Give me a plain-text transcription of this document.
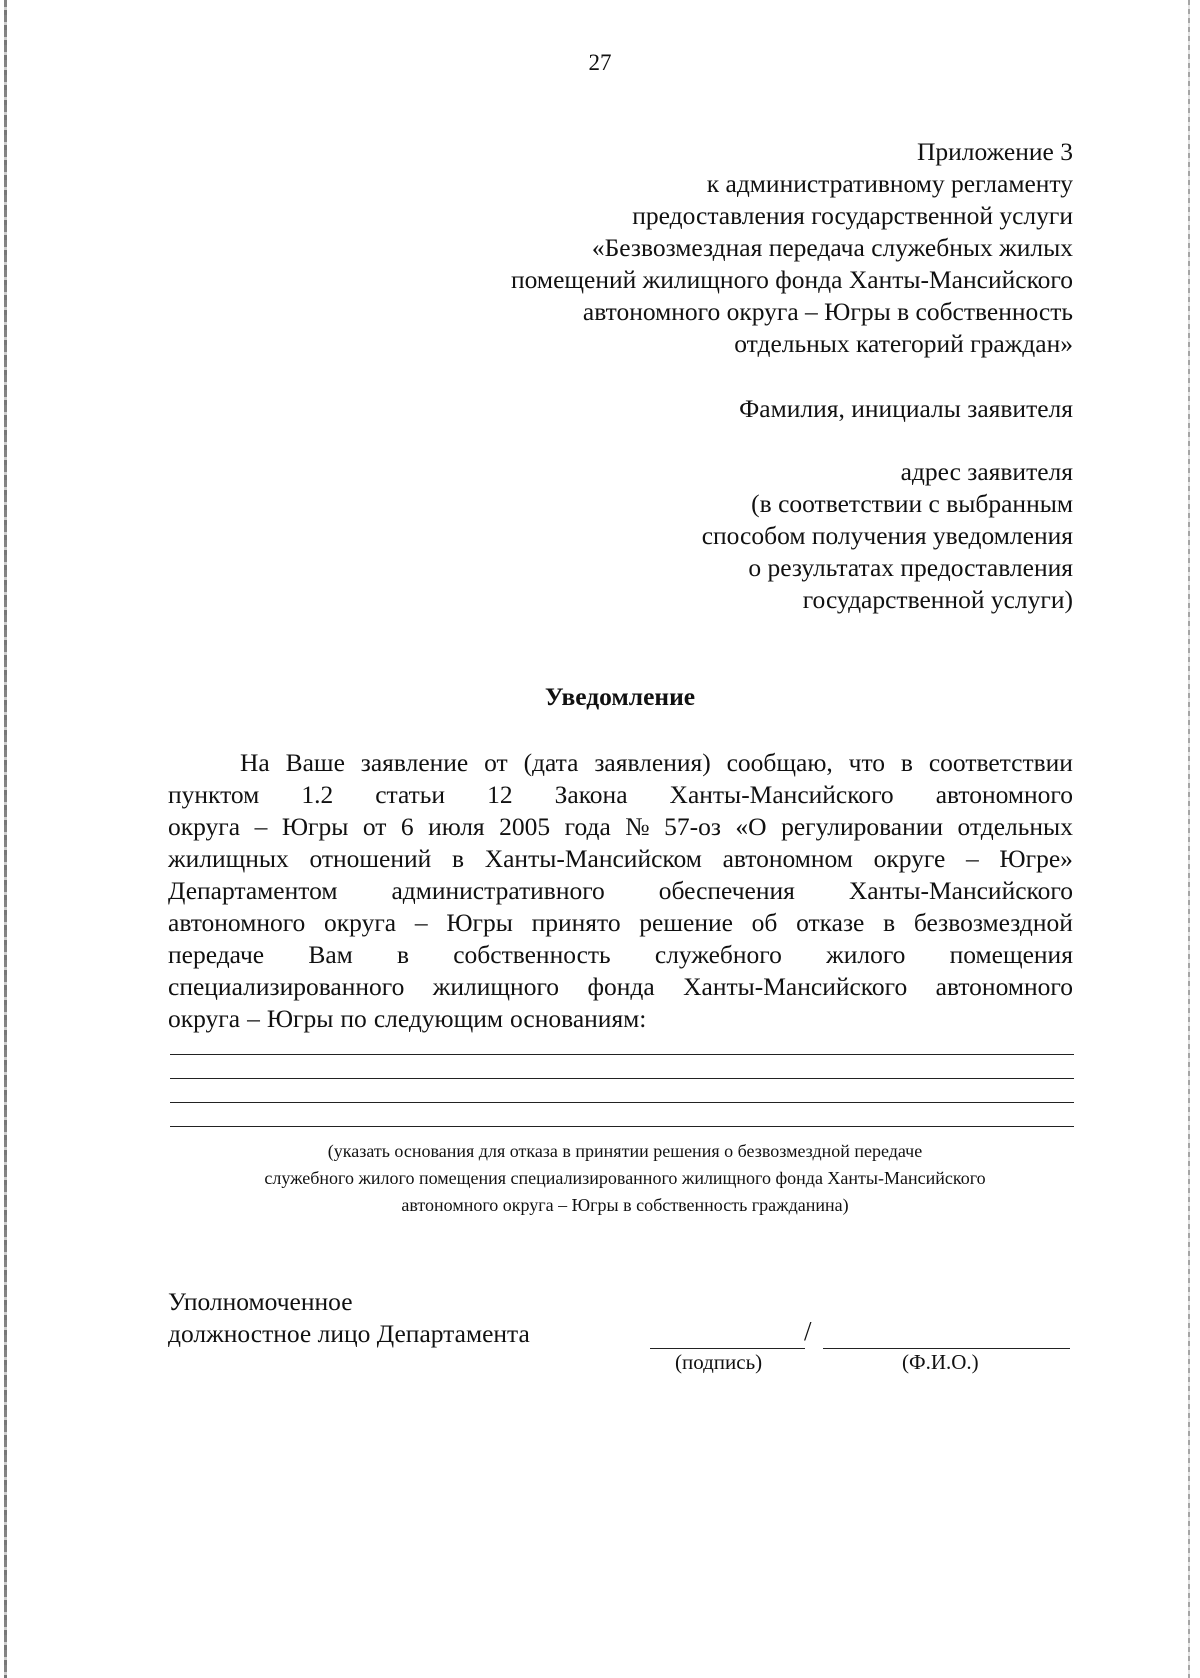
27
Приложение 3
к административному регламенту
предоставления государственной услуги
«Безвозмездная передача служебных жилых
помещений жилищного фонда Ханты-Мансийского
автономного округа – Югры в собственность
отдельных категорий граждан»
Фамилия, инициалы заявителя
адрес заявителя
(в соответствии с выбранным
способом получения уведомления
о результатах предоставления
государственной услуги)
Уведомление
На Ваше заявление от (дата заявления) сообщаю, что в соответствии
пунктом 1.2 статьи 12 Закона Ханты-Мансийского автономного
округа – Югры от 6 июля 2005 года № 57-оз «О регулировании отдельных
жилищных отношений в Ханты-Мансийском автономном округе – Югре»
Департаментом административного обеспечения Ханты-Мансийского
автономного округа – Югры принято решение об отказе в безвозмездной
передаче Вам в собственность служебного жилого помещения
специализированного жилищного фонда Ханты-Мансийского автономного
округа – Югры по следующим основаниям:
(указать основания для отказа в принятии решения о безвозмездной передаче
служебного жилого помещения специализированного жилищного фонда Ханты-Мансийского
автономного округа – Югры в собственность гражданина)
Уполномоченное
должностное лицо Департамента	/
(подпись)	(Ф.И.О.)
